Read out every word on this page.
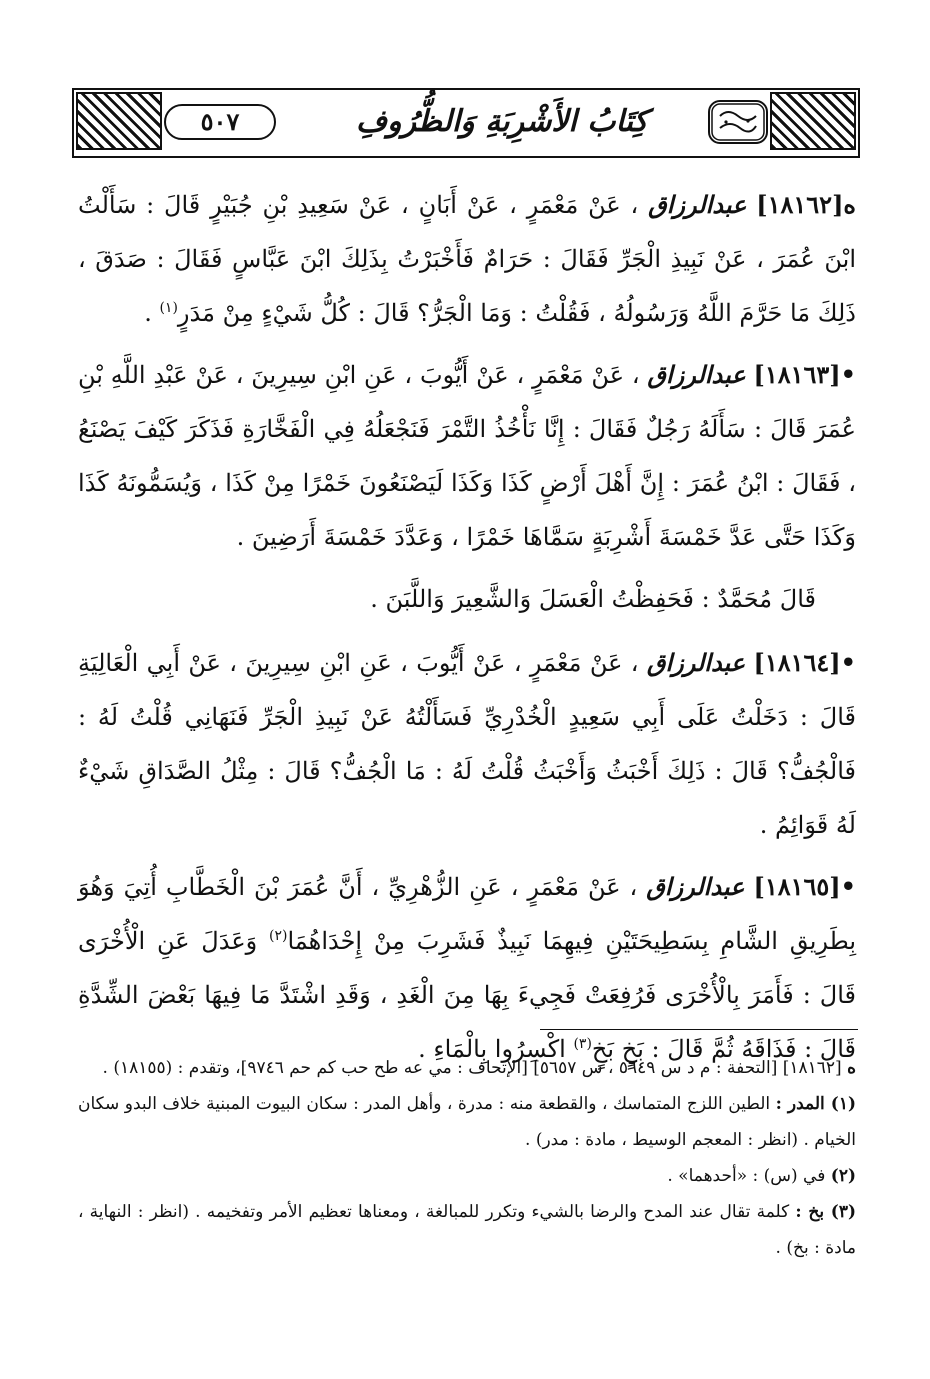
٥٠٧	كِتَابُ الأَشْرِبَةِ وَالظُّرُوفِ

ه[١٨١٦٢] عبدالرزاق ، عَنْ مَعْمَرٍ ، عَنْ أَبَانٍ ، عَنْ سَعِيدِ بْنِ جُبَيْرٍ قَالَ : سَأَلْتُ ابْنَ عُمَرَ ، عَنْ نَبِيذِ الْجَرِّ فَقَالَ : حَرَامٌ فَأَخْبَرْتُ بِذَلِكَ ابْنَ عَبَّاسٍ فَقَالَ : صَدَقَ ، ذَلِكَ مَا حَرَّمَ اللَّهُ وَرَسُولُهُ ، فَقُلْتُ : وَمَا الْجَرُّ؟ قَالَ : كُلُّ شَيْءٍ مِنْ مَدَرٍ$^{(١)}$ .

•[١٨١٦٣] عبدالرزاق ، عَنْ مَعْمَرٍ ، عَنْ أَيُّوبَ ، عَنِ ابْنِ سِيرِينَ ، عَنْ عَبْدِ اللَّهِ بْنِ عُمَرَ قَالَ : سَأَلَهُ رَجُلٌ فَقَالَ : إِنَّا نَأْخُذُ التَّمْرَ فَنَجْعَلُهُ فِي الْفَخَّارَةِ فَذَكَرَ كَيْفَ يَصْنَعُ ، فَقَالَ : ابْنُ عُمَرَ : إِنَّ أَهْلَ أَرْضٍ كَذَا وَكَذَا لَيَصْنَعُونَ خَمْرًا مِنْ كَذَا ، وَيُسَمُّونَهُ كَذَا وَكَذَا حَتَّى عَدَّ خَمْسَةَ أَشْرِبَةٍ سَمَّاهَا خَمْرًا ، وَعَدَّدَ خَمْسَةَ أَرَضِينَ .

قَالَ مُحَمَّدٌ : فَحَفِظْتُ الْعَسَلَ وَالشَّعِيرَ وَاللَّبَنَ .

•[١٨١٦٤] عبدالرزاق ، عَنْ مَعْمَرٍ ، عَنْ أَيُّوبَ ، عَنِ ابْنِ سِيرِينَ ، عَنْ أَبِي الْعَالِيَةِ قَالَ : دَخَلْتُ عَلَى أَبِي سَعِيدٍ الْخُدْرِيِّ فَسَأَلْتُهُ عَنْ نَبِيذِ الْجَرِّ فَنَهَانِي قُلْتُ لَهُ : فَالْجُفُّ؟ قَالَ : ذَلِكَ أَخْبَثُ وَأَخْبَثُ قُلْتُ لَهُ : مَا الْجُفُّ؟ قَالَ : مِثْلُ الصَّدَاقِ شَيْءٌ لَهُ قَوَائِمُ .

•[١٨١٦٥] عبدالرزاق ، عَنْ مَعْمَرٍ ، عَنِ الزُّهْرِيِّ ، أَنَّ عُمَرَ بْنَ الْخَطَّابِ أُتِيَ وَهُوَ بِطَرِيقِ الشَّامِ بِسَطِيحَتَيْنِ فِيهِمَا نَبِيذٌ فَشَرِبَ مِنْ إِحْدَاهُمَا$^{(٢)}$ وَعَدَلَ عَنِ الْأُخْرَى قَالَ : فَأَمَرَ بِالْأُخْرَى فَرُفِعَتْ فَجِيءَ بِهَا مِنَ الْغَدِ ، وَقَدِ اشْتَدَّ مَا فِيهَا بَعْضَ الشِّدَّةِ قَالَ : فَذَاقَهُ ثُمَّ قَالَ : بَخٍ بَخٍ$^{(٣)}$ اكْسِرُوا بِالْمَاءِ .

ه [١٨١٦٢] [التحفة : م د س ٥٦٤٩ ، س ٥٦٥٧] [الإتحاف : مي عه طح حب كم حم ٩٧٤٦]، وتقدم : (١٨١٥٥) .

(١) المدر : الطين اللزج المتماسك ، والقطعة منه : مدرة ، وأهل المدر : سكان البيوت المبنية خلاف البدو سكان الخيام . (انظر : المعجم الوسيط ، مادة : مدر) .

(٢) في (س) : «أحدهما» .

(٣) بخ : كلمة تقال عند المدح والرضا بالشيء وتكرر للمبالغة ، ومعناها تعظيم الأمر وتفخيمه . (انظر : النهاية ، مادة : بخ) .
